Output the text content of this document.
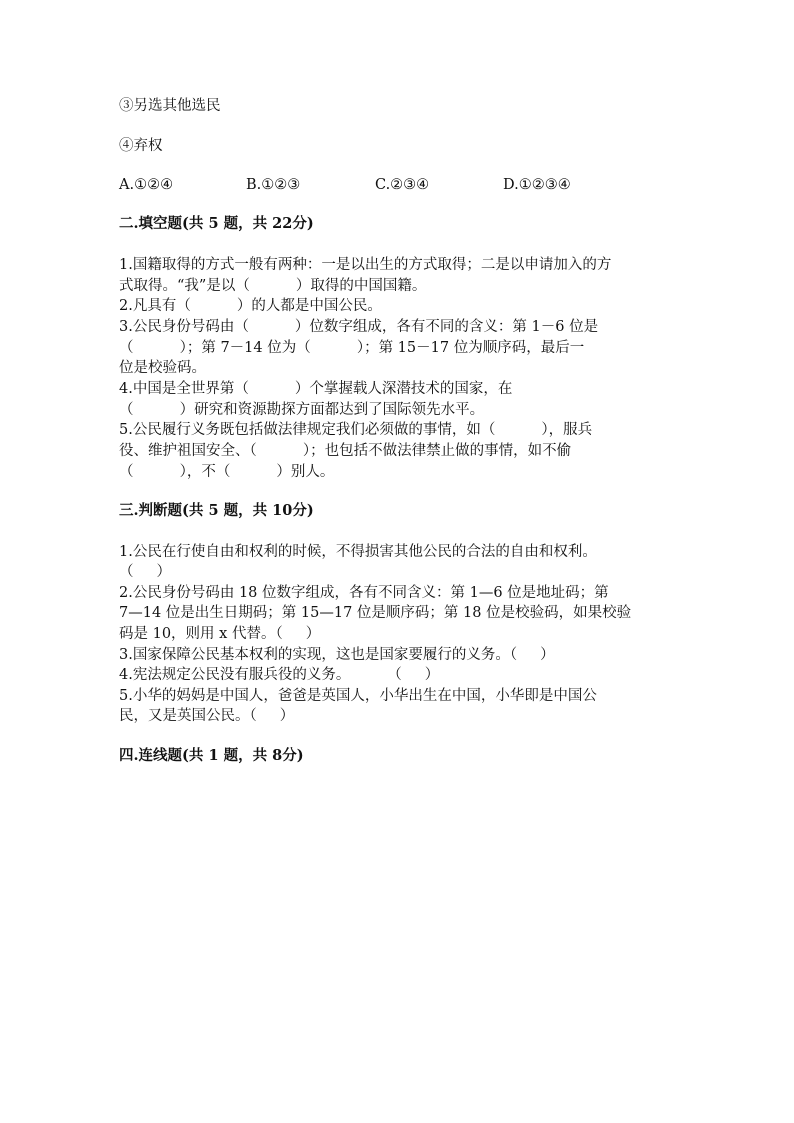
③另选其他选民
④弃权
A.①②④	B.①②③	C.②③④	D.①②③④
二.填空题(共 5 题，共 22分)
1.国籍取得的方式一般有两种：一是以出生的方式取得；二是以申请加入的方
式取得。“我”是以（          ）取得的中国国籍。
2.凡具有（          ）的人都是中国公民。
3.公民身份号码由（          ）位数字组成，各有不同的含义：第 1－6 位是
（          ）；第 7－14 位为（          ）；第 15－17 位为顺序码，最后一
位是校验码。
4.中国是全世界第（          ）个掌握载人深潜技术的国家，在
（          ）研究和资源勘探方面都达到了国际领先水平。
5.公民履行义务既包括做法律规定我们必须做的事情，如（          ），服兵
役、维护祖国安全、（          ）；也包括不做法律禁止做的事情，如不偷
（          ），不（          ）别人。
三.判断题(共 5 题，共 10分)
1.公民在行使自由和权利的时候，不得损害其他公民的合法的自由和权利。
（     ）
2.公民身份号码由 18 位数字组成，各有不同含义：第 1—6 位是地址码；第
7—14 位是出生日期码；第 15—17 位是顺序码；第 18 位是校验码，如果校验
码是 10，则用 x 代替。（     ）
3.国家保障公民基本权利的实现，这也是国家要履行的义务。（     ）
4.宪法规定公民没有服兵役的义务。        （     ）
5.小华的妈妈是中国人，爸爸是英国人，小华出生在中国，小华即是中国公
民，又是英国公民。（     ）
四.连线题(共 1 题，共 8分)
